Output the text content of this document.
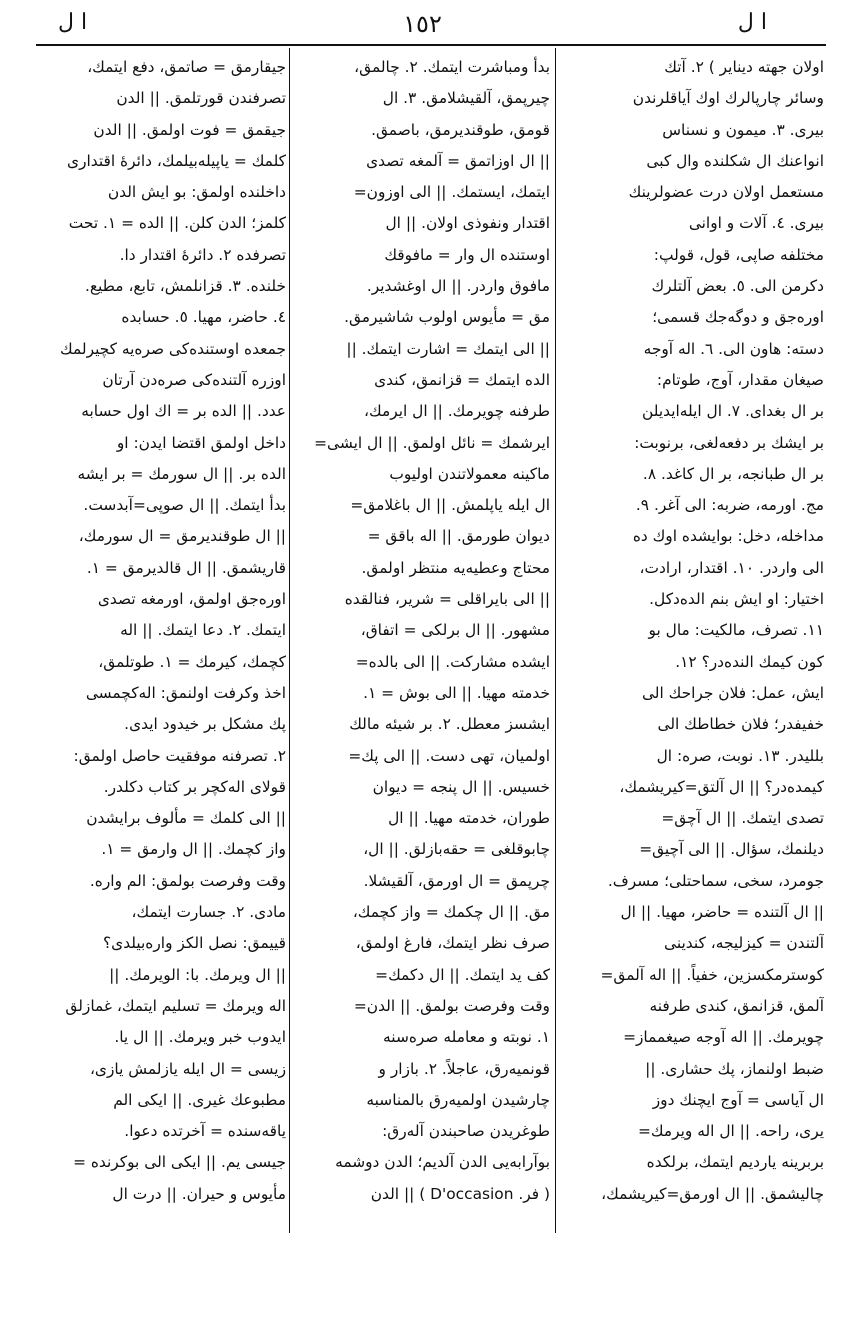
ا ل	١٥٢	ا ل
اولان جهته دینایر ) ۲. آتك
وسائر چارپالرك اوك آیاقلرندن
بیری. ۳. میمون و نسناس
انواعنك ال شكلنده وال كبی
مستعمل اولان درت عضولرینك
بیری. ٤. آلات و اوانی
مختلفه صاپی، قول، قولپ:
دكرمن الی. ٥. بعض آلتلرك
اورەجق و دوگەجك قسمی؛
دسته: هاون الی. ٦. اله آوجه
صیغان مقدار، آوج، طوتام:
بر ال بغدای. ۷. ال ایلەایدیلن
بر ایشك بر دفعه‌لغی، برنوبت:
بر ال طبانجه، بر ال كاغد. ۸.
مج. اورمه، ضربه: الی آغر. ۹.
مداخله، دخل: بوایشده اوك ده
الی واردر. ۱۰. اقتدار، ارادت،
اختیار: او ایش بنم الده‌دكل.
۱۱. تصرف، مالكیت: مال بو
كون كیمك الندەدر؟ ۱۲.
ایش، عمل: فلان جراحك الی
خفیفدر؛ فلان خطاطك الی
بللیدر. ۱۳. نوبت، صره: ال
كیمده‌در؟ || ال آلتق=كیریشمك،
تصدی ایتمك. || ال آچق=
دیلنمك، سؤال. || الی آچیق=
جومرد، سخی، سماحتلی؛ مسرف.
|| ال آلتنده = حاضر، مهیا. || ال
آلتندن = كیزلیجه، كندینی
كوسترمكسزین، خفیاً. || الە آلمق=
آلمق، قزانمق، كندی طرفنه
چویرمك. || الە آوجه صیغمماز=
ضبط اولنماز، پك حشاری. ||
ال آیاسی = آوج ایچنك دوز
یری، راحه. || ال اله ویرمك=
بربرینه یاردیم ایتمك، برلكده
چالیشمق. || ال اورمق=كیریشمك،
بدأ ومباشرت ایتمك. ۲. چالمق،
چیرپمق، آلقیشلامق. ۳. ال
قومق، طوقندیرمق، باصمق.
|| ال اوزاتمق = آلمغه تصدی
ایتمك، ایستمك. || الی اوزون=
اقتدار ونفوذی اولان. || ال
اوستنده ال وار = مافوقك
مافوق واردر. || ال اوغشدیر.
مق = مأیوس اولوب شاشیرمق.
|| الی ایتمك = اشارت ایتمك. ||
الده ایتمك = قزانمق، كندی
طرفنه چویرمك. || ال ایرمك،
ایرشمك = نائل اولمق. || ال ایشی=
ماكینه معمولاتندن اولیوب
ال ایله یاپلمش. || ال باغلامق=
دیوان طورمق. || اله باقق =
محتاج وعطیه‌یه منتظر اولمق.
|| الی بایراقلی = شریر، فنالقده
مشهور. || ال برلكی = اتفاق،
ایشده مشاركت. || الی بالده=
خدمته مهیا. || الی بوش = ۱.
ایشسز معطل. ۲. بر شیئه مالك
اولمیان، تهی دست. || الی پك=
خسیس. || ال پنجه = دیوان
طوران، خدمته مهیا. || ال
چابوقلغی = حقه‌بازلق. || ال،
چرپمق = ال اورمق، آلقیشلا.
مق. || ال چكمك = واز كچمك،
صرف نظر ایتمك، فارغ اولمق،
كف ید ایتمك. || ال دكمك=
وقت وفرصت بولمق. || الدن=
۱. نوبته و معامله صره‌سنه
قونمیه‌رق، عاجلاً. ۲. بازار و
چارشیدن اولمیه‌رق بالمناسبه
طوغریدن صاحبندن آله‌رق:
بوآرابه‌یی الدن آلدیم؛ الدن دوشمه
( فر. D'occasion ) || الدن
جیقارمق = صاتمق، دفع ایتمك،
تصرفندن قورتلمق. || الدن
جیقمق = فوت اولمق. || الدن
كلمك = یاپیله‌بیلمك، دائرهٔ اقتداری
داخلنده اولمق: بو ایش الدن
كلمز؛ الدن كلن. || الده = ۱. تحت
تصرفده ۲. دائرهٔ اقتدار دا.
خلنده. ۳. قزانلمش، تابع، مطیع.
٤. حاضر، مهیا. ٥. حسابده
جمعده اوستنده‌كی صره‌یه كچیرلمك
اوزره آلتنده‌كی صره‌دن آرتان
عدد. || الده بر = اك اول حسابه
داخل اولمق اقتضا ایدن: او
الده بر. || ال سورمك = بر ایشه
بدأ ایتمك. || ال صوپی=آبدست.
|| ال طوقندیرمق = ال سورمك،
قاریشمق. || ال قالدیرمق = ۱.
اوره‌جق اولمق، اورمغه تصدی
ایتمك. ۲. دعا ایتمك. || اله
كچمك، كیرمك = ۱. طوتلمق،
اخذ وكرفت اولنمق: الەكچمسی
پك مشكل بر خیدود ایدی.
۲. تصرفنه موفقیت حاصل اولمق:
قولای الەكچر بر كتاب دكلدر.
|| الی كلمك = مألوف برایشدن
واز كچمك. || ال وارمق = ۱.
وقت وفرصت بولمق: الم وارە.
مادی. ۲. جسارت ایتمك،
قییمق: نصل الكز وارەبیلدی؟
|| ال ویرمك. با: الویرمك. ||
اله ویرمك = تسلیم ایتمك، غمازلق
ایدوب خبر ویرمك. || ال یا.
زیسی = ال ایله یازلمش یازی،
مطبوعك غیری. || ایكی الم
یاقه‌سنده = آخرتده دعوا.
جیسی یم. || ایكی الی بوكرنده =
مأیوس و حیران. || درت ال
